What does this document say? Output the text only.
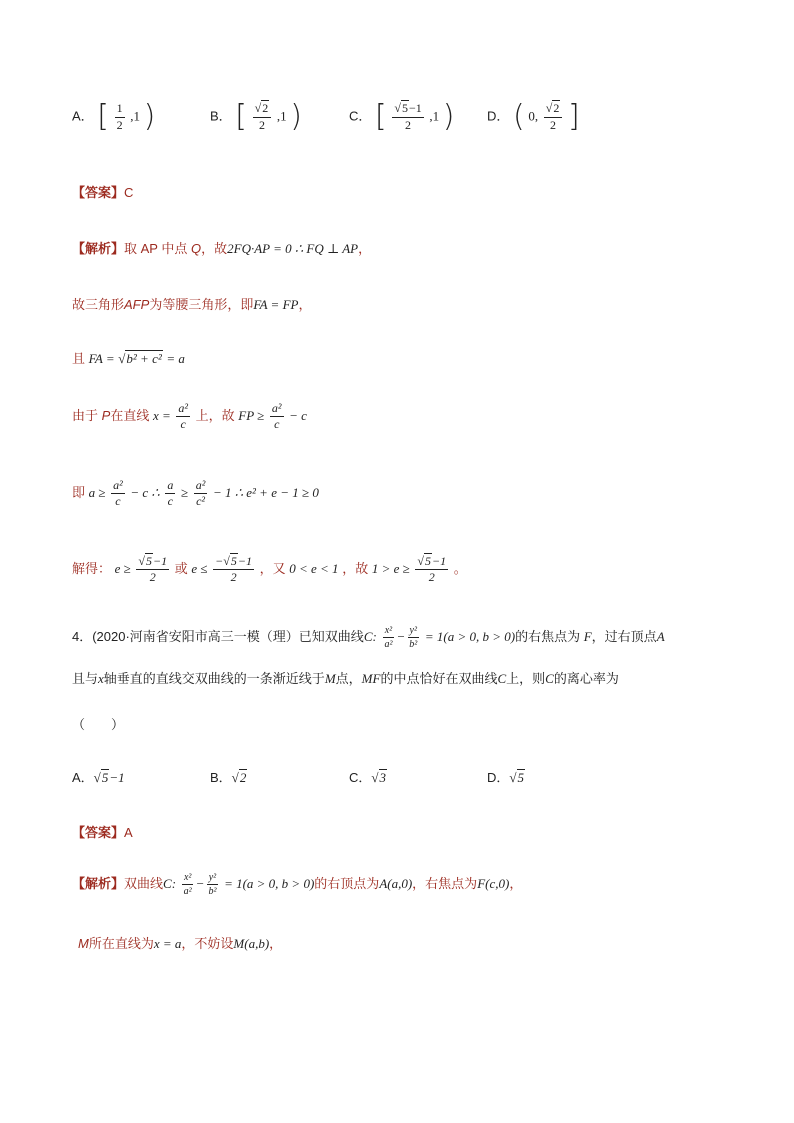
A． [ $\frac{1}{2} ,1$ )	B． [ $\frac{√2}{2} ,1$ )	C． [ $\frac{√5-1}{2} ,1$ )	D． ( 0, $\frac{√2}{2}$ ]
【答案】C
【解析】取 AP 中点 Q，故2FQ·AP = 0 ∴ FQ ⊥ AP，
故三角形AFP为等腰三角形，即FA = FP，
且 FA = √b² + c² = a
由于 P在直线 $x = \frac{\text{a²}}{c}$ 上，故 FP ≥ $\frac{\text{a²}}{c} - c$
即 $a \ge \frac{\text{a²}}{c} - c$ ∴ $\frac{a}{c} \ge \frac{\text{a²}}{\text{c²}} - 1$ ∴ e² + e − 1 ≥ 0
解得： $e \ge \frac{√5-1}{2}$ 或 $e \le \frac{-√5-1}{2}$ ，又 0 < e < 1 ，故 $1 > e \ge \frac{√5-1}{2}$ 。
4．(2020·河南省安阳市高三一模（理）已知双曲线C: $\frac{\text{x²}}{\text{a²}} - \frac{\text{y²}}{\text{b²}} = 1(a > 0$, b > 0)的右焦点为 F，过右顶点A
且与x轴垂直的直线交双曲线的一条渐近线于M点，MF的中点恰好在双曲线C上，则C的离心率为
（　　）
A．√5−1	B．√2	C．√3	D．√5
【答案】A
【解析】双曲线C: $\frac{\text{x²}}{\text{a²}} - \frac{\text{y²}}{\text{b²}} = 1(a > 0$, b > 0)的右顶点为A(a,0)，右焦点为F(c,0)，
M所在直线为x = a，不妨设M(a,b)，
